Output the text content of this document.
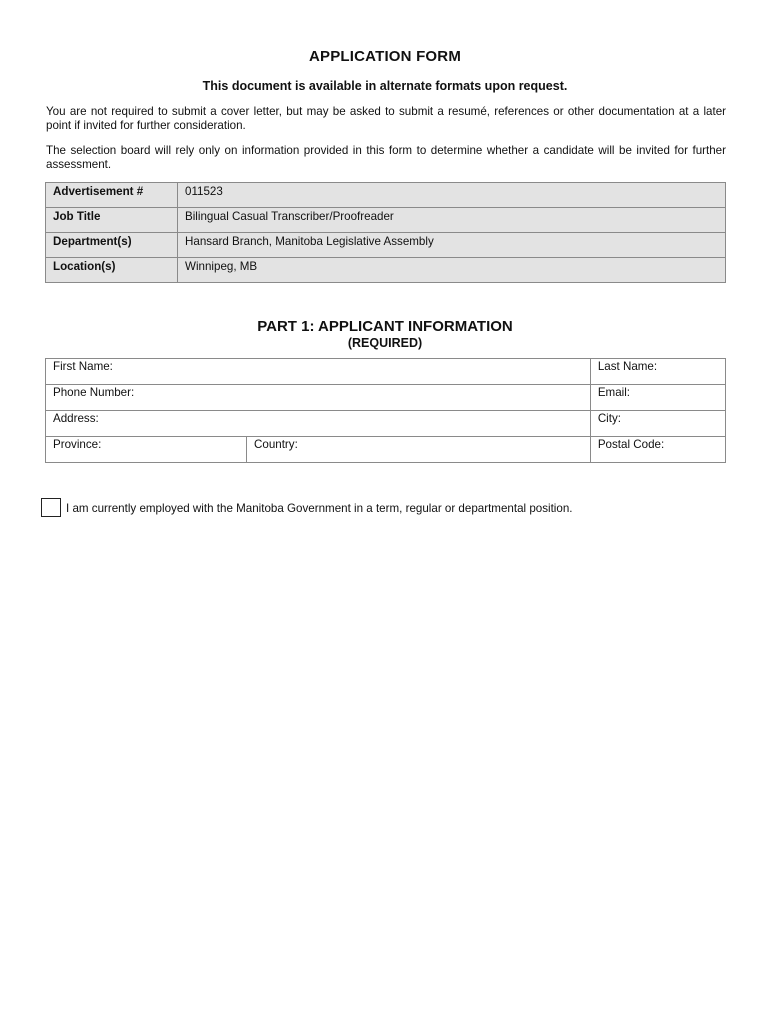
APPLICATION FORM
This document is available in alternate formats upon request.
You are not required to submit a cover letter, but may be asked to submit a resumé, references or other documentation at a later point if invited for further consideration.
The selection board will rely only on information provided in this form to determine whether a candidate will be invited for further assessment.
Advertisement #	011523
Job Title	Bilingual Casual Transcriber/Proofreader
Department(s)	Hansard Branch, Manitoba Legislative Assembly
Location(s)	Winnipeg, MB
PART 1: APPLICANT INFORMATION
(REQUIRED)
First Name:		Last Name:
Phone Number:		Email:
Address:		City:
Province:	Country:	Postal Code:
I am currently employed with the Manitoba Government in a term, regular or departmental position.
